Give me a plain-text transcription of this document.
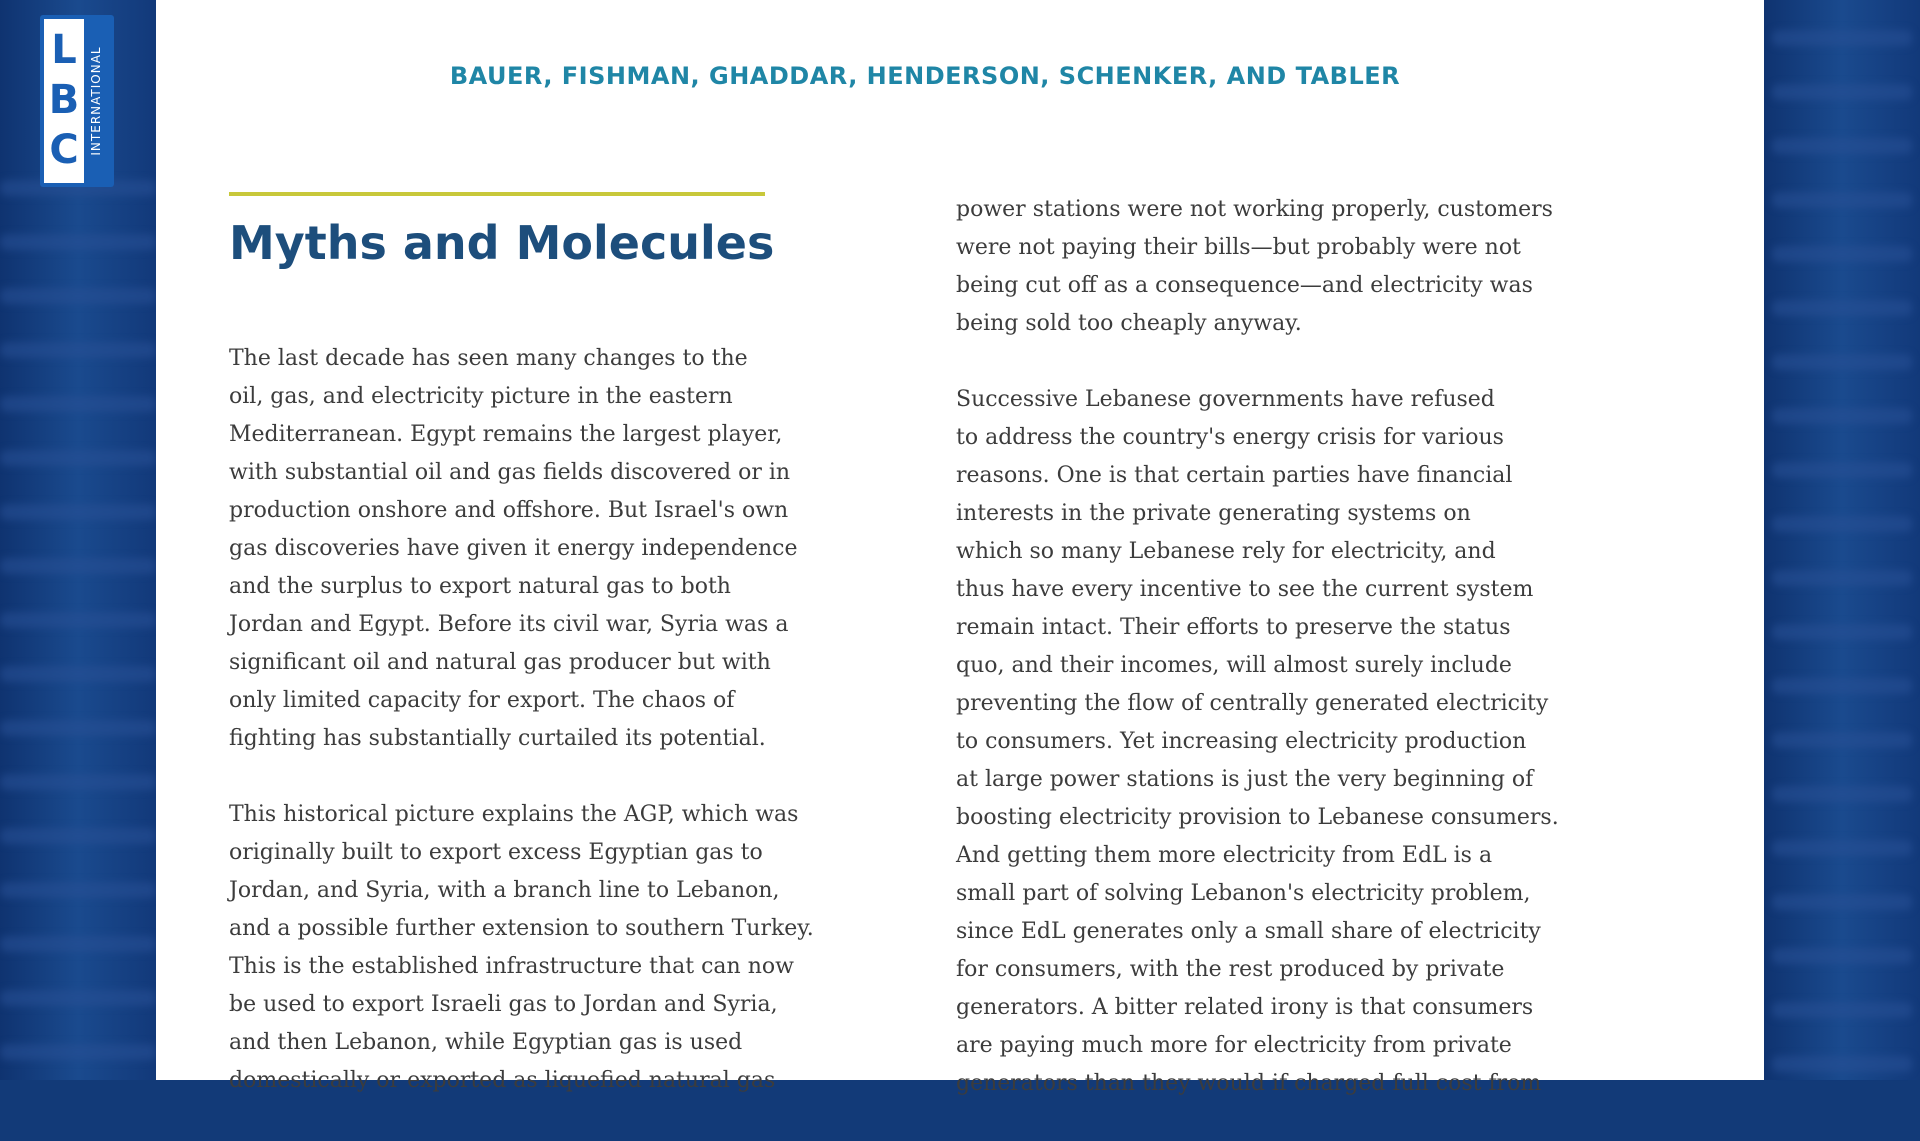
L
B
C INTERNATIONAL	BAUER, FISHMAN, GHADDAR, HENDERSON, SCHENKER, AND TABLER
Myths and Molecules

The last decade has seen many changes to the
oil, gas, and electricity picture in the eastern
Mediterranean. Egypt remains the largest player,
with substantial oil and gas fields discovered or in
production onshore and offshore. But Israel's own
gas discoveries have given it energy independence
and the surplus to export natural gas to both
Jordan and Egypt. Before its civil war, Syria was a
significant oil and natural gas producer but with
only limited capacity for export. The chaos of
fighting has substantially curtailed its potential.

This historical picture explains the AGP, which was
originally built to export excess Egyptian gas to
Jordan, and Syria, with a branch line to Lebanon,
and a possible further extension to southern Turkey.
This is the established infrastructure that can now
be used to export Israeli gas to Jordan and Syria,
and then Lebanon, while Egyptian gas is used
domestically or exported as liquefied natural gas

power stations were not working properly, customers
were not paying their bills—but probably were not
being cut off as a consequence—and electricity was
being sold too cheaply anyway.

Successive Lebanese governments have refused
to address the country's energy crisis for various
reasons. One is that certain parties have financial
interests in the private generating systems on
which so many Lebanese rely for electricity, and
thus have every incentive to see the current system
remain intact. Their efforts to preserve the status
quo, and their incomes, will almost surely include
preventing the flow of centrally generated electricity
to consumers. Yet increasing electricity production
at large power stations is just the very beginning of
boosting electricity provision to Lebanese consumers.
And getting them more electricity from EdL is a
small part of solving Lebanon's electricity problem,
since EdL generates only a small share of electricity
for consumers, with the rest produced by private
generators. A bitter related irony is that consumers
are paying much more for electricity from private
generators than they would if charged full cost from
